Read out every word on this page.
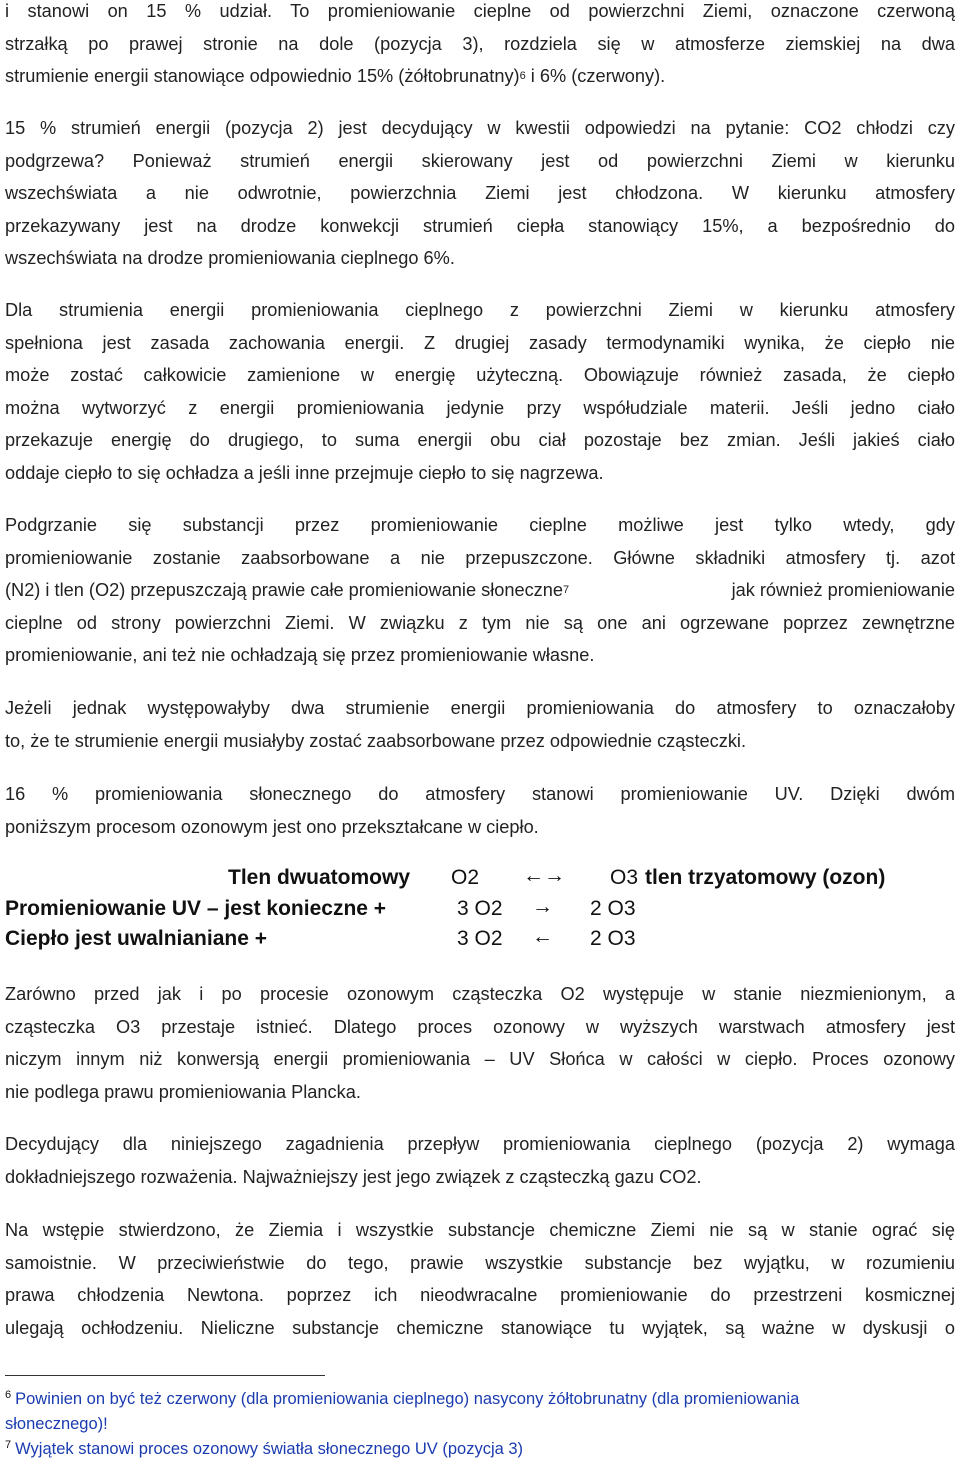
i stanowi on 15 % udział. To promieniowanie cieplne od powierzchni Ziemi, oznaczone czerwoną
strzałką po prawej stronie na dole (pozycja 3), rozdziela się w atmosferze ziemskiej na dwa
strumienie energii stanowiące odpowiednio 15% (żółtobrunatny)$^6$ i 6% (czerwony).
15 % strumień energii (pozycja 2) jest decydujący w kwestii odpowiedzi na pytanie: CO2 chłodzi czy
podgrzewa? Ponieważ strumień energii skierowany jest od powierzchni Ziemi w kierunku
wszechświata a nie odwrotnie, powierzchnia Ziemi jest chłodzona. W kierunku atmosfery
przekazywany jest na drodze konwekcji strumień ciepła stanowiący 15%, a bezpośrednio do
wszechświata na drodze promieniowania cieplnego 6%.
Dla strumienia energii promieniowania cieplnego z powierzchni Ziemi w kierunku atmosfery
spełniona jest zasada zachowania energii. Z drugiej zasady termodynamiki wynika, że ciepło nie
może zostać całkowicie zamienione w energię użyteczną. Obowiązuje również zasada, że ciepło
można wytworzyć z energii promieniowania jedynie przy współudziale materii. Jeśli jedno ciało
przekazuje energię do drugiego, to suma energii obu ciał pozostaje bez zmian. Jeśli jakieś ciało
oddaje ciepło to się ochładza a jeśli inne przejmuje ciepło to się nagrzewa.
Podgrzanie się substancji przez promieniowanie cieplne możliwe jest tylko wtedy, gdy
promieniowanie zostanie zaabsorbowane a nie przepuszczone. Główne składniki atmosfery tj. azot
(N2) i tlen (O2) przepuszczają prawie całe promieniowanie słoneczne$^7$	jak również promieniowanie
cieplne od strony powierzchni Ziemi. W związku z tym nie są one ani ogrzewane poprzez zewnętrzne
promieniowanie, ani też nie ochładzają się przez promieniowanie własne.
Jeżeli jednak występowałyby dwa strumienie energii promieniowania do atmosfery to oznaczałoby
to, że te strumienie energii musiałyby zostać zaabsorbowane przez odpowiednie cząsteczki.
16 % promieniowania słonecznego do atmosfery stanowi promieniowanie UV. Dzięki dwóm
poniższym procesom ozonowym jest ono przekształcane w ciepło.
Tlen dwuatomowy O2 ←→ O3 tlen trzyatomowy (ozon)
Promieniowanie UV – jest konieczne +	3 O2 → 2 O3
Ciepło jest uwalnianiane +	3 O2 ← 2 O3
Zarówno przed jak i po procesie ozonowym cząsteczka O2 występuje w stanie niezmienionym, a
cząsteczka O3 przestaje istnieć. Dlatego proces ozonowy w wyższych warstwach atmosfery jest
niczym innym niż konwersją energii promieniowania – UV Słońca w całości w ciepło. Proces ozonowy
nie podlega prawu promieniowania Plancka.
Decydujący dla niniejszego zagadnienia przepływ promieniowania cieplnego (pozycja 2) wymaga
dokładniejszego rozważenia. Najważniejszy jest jego związek z cząsteczką gazu CO2.
Na wstępie stwierdzono, że Ziemia i wszystkie substancje chemiczne Ziemi nie są w stanie ograć się
samoistnie. W przeciwieństwie do tego, prawie wszystkie substancje bez wyjątku, w rozumieniu
prawa chłodzenia Newtona. poprzez ich nieodwracalne promieniowanie do przestrzeni kosmicznej
ulegają ochłodzeniu. Nieliczne substancje chemiczne stanowiące tu wyjątek, są ważne w dyskusji o
$^6$ Powinien on być też czerwony (dla promieniowania cieplnego) nasycony żółtobrunatny (dla promieniowania
słonecznego)!
$^7$ Wyjątek stanowi proces ozonowy światła słonecznego UV (pozycja 3)
